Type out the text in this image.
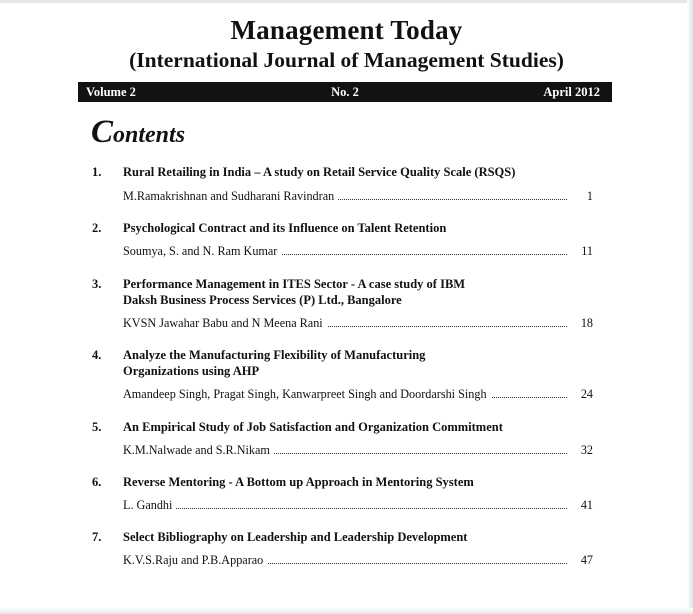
Management Today
(International Journal of Management Studies)
No. 2
Volume 2	April 2012
Contents
1. Rural Retailing in India – A study on Retail Service Quality Scale (RSQS)
M.Ramakrishnan and Sudharani Ravindran	1
2. Psychological Contract and its Influence on Talent Retention
Soumya, S. and N. Ram Kumar	11
3. Performance Management in ITES Sector - A case study of IBM
Daksh Business Process Services (P) Ltd., Bangalore
KVSN Jawahar Babu and N Meena Rani	18
4. Analyze the Manufacturing Flexibility of Manufacturing
Organizations using AHP
Amandeep Singh, Pragat Singh, Kanwarpreet Singh and Doordarshi Singh	24
5. An Empirical Study of Job Satisfaction and Organization Commitment
K.M.Nalwade and S.R.Nikam	32
6. Reverse Mentoring - A Bottom up Approach in Mentoring System
L. Gandhi	41
7. Select Bibliography on Leadership and Leadership Development
K.V.S.Raju and P.B.Apparao	47
